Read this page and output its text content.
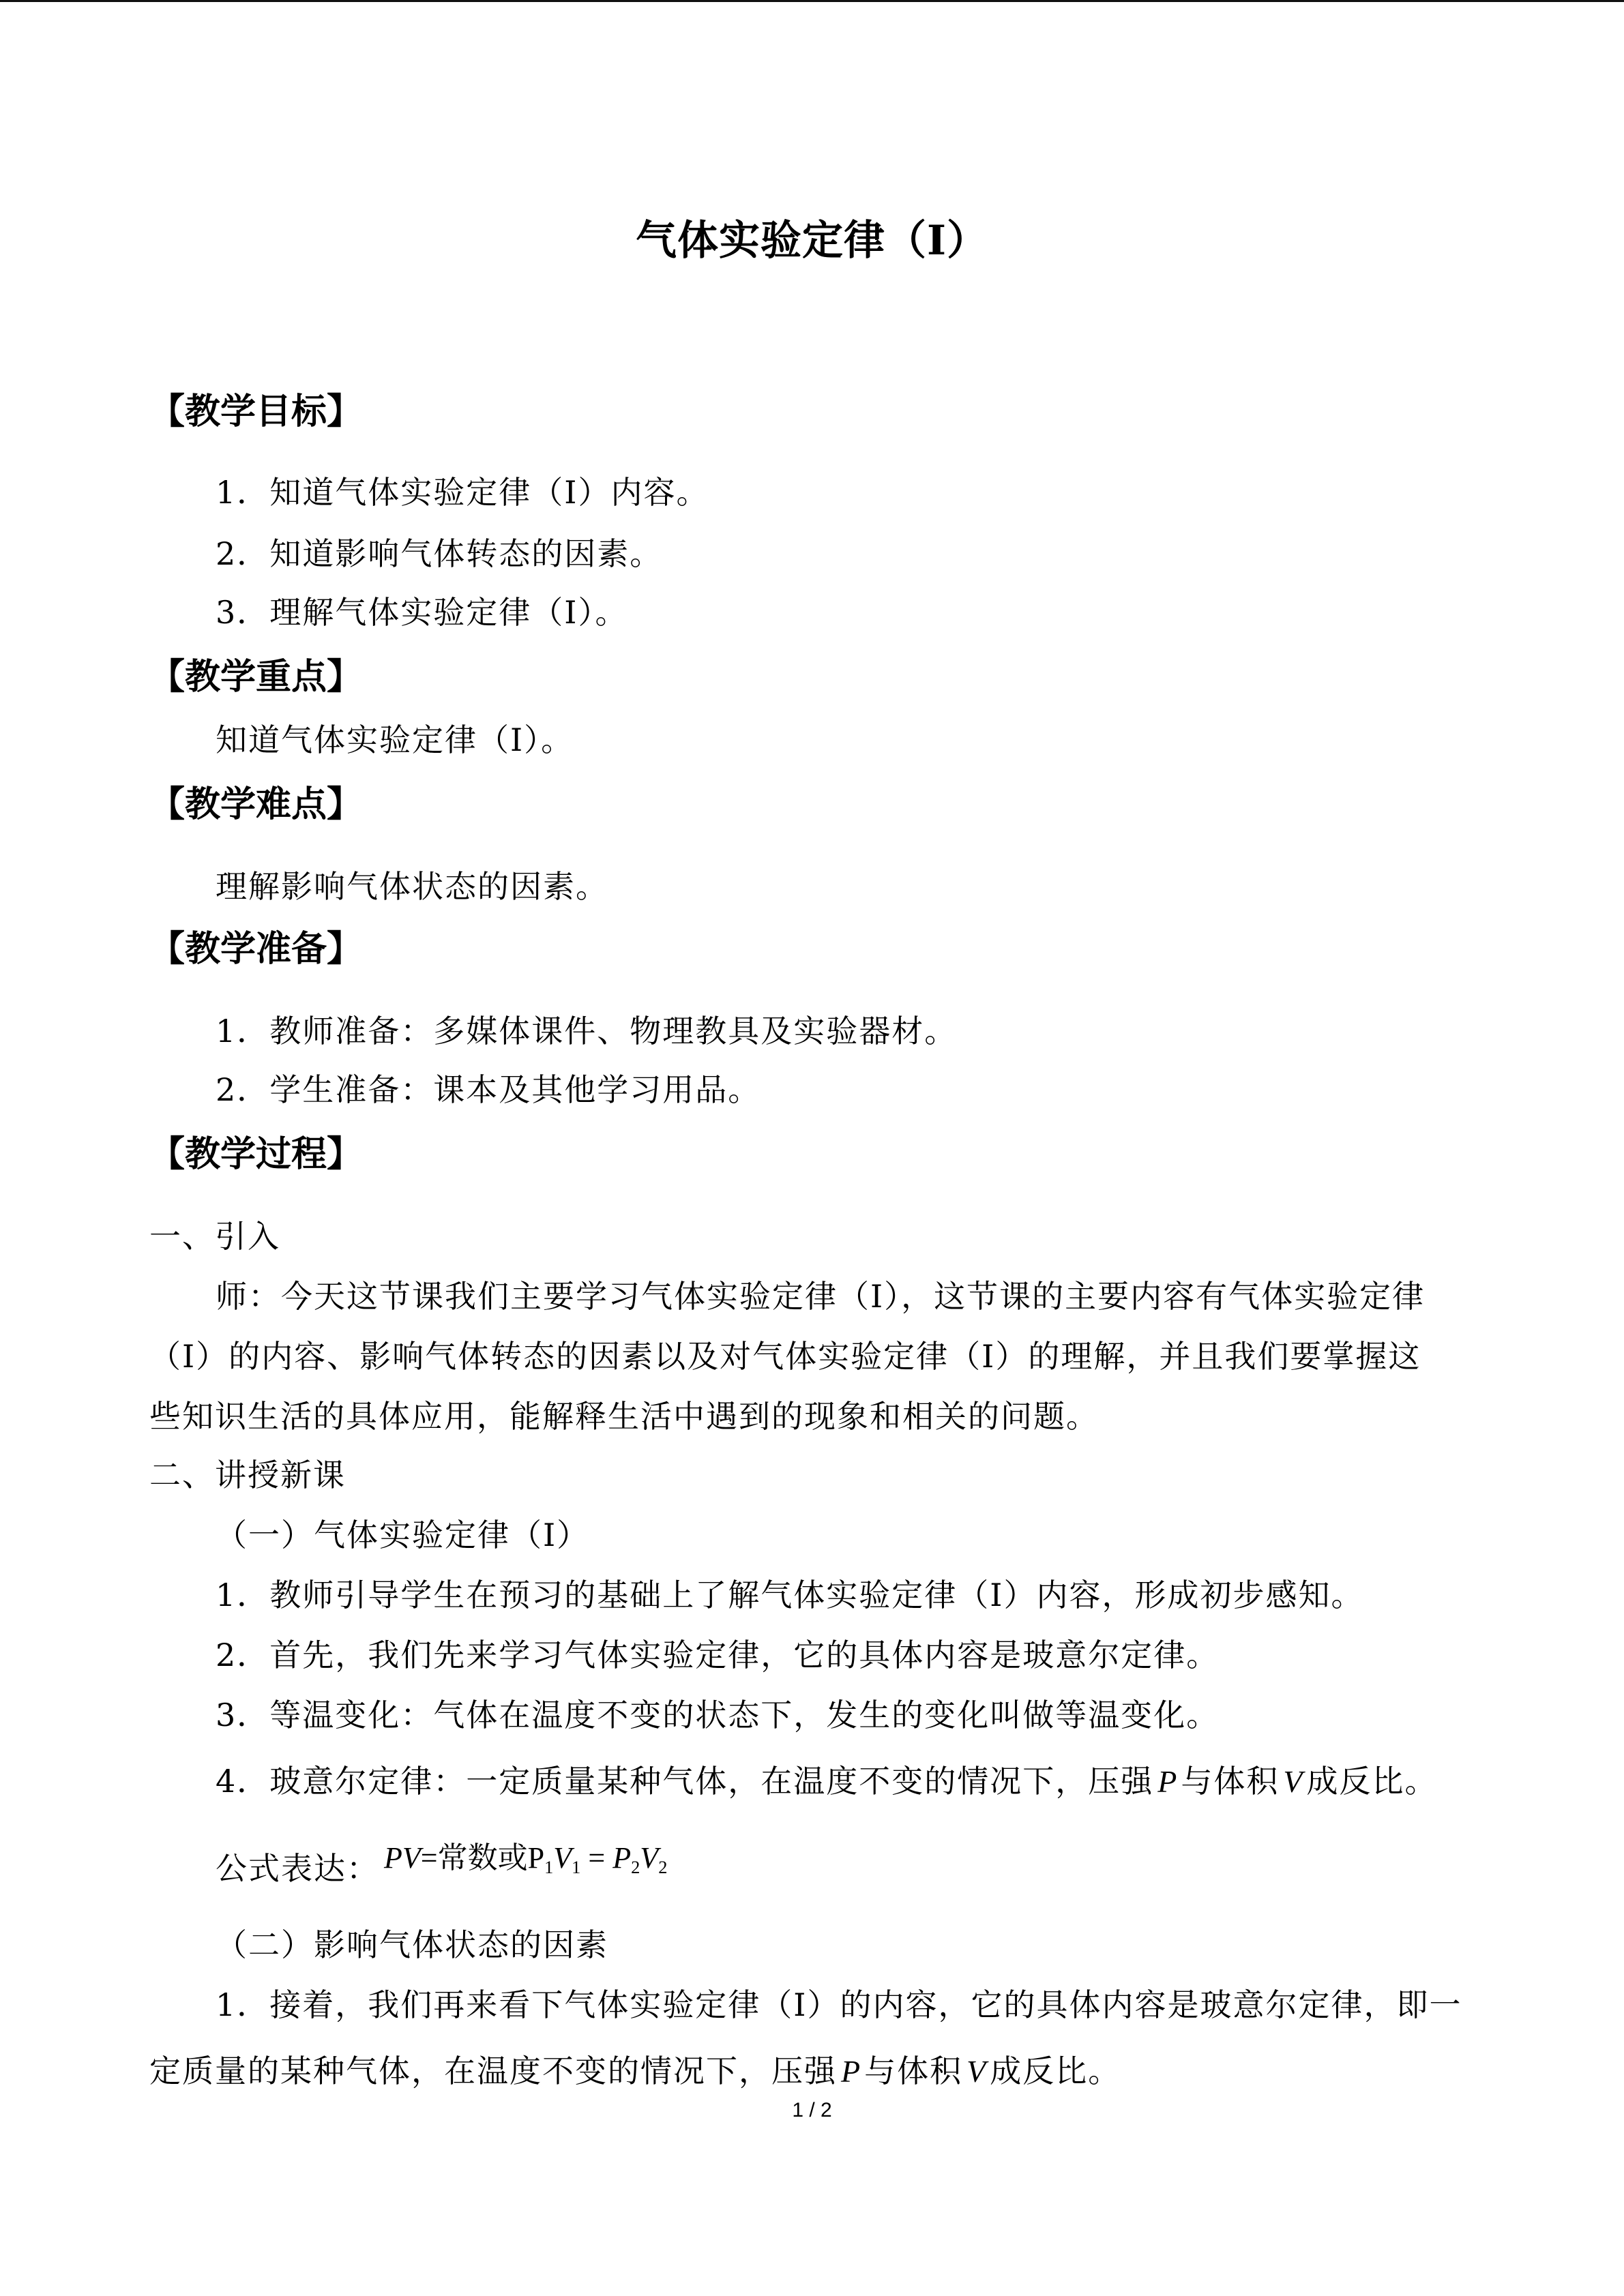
气体实验定律（Ⅰ）
【教学目标】
1．知道气体实验定律（Ⅰ）内容。
2．知道影响气体转态的因素。
3．理解气体实验定律（Ⅰ）。
【教学重点】
知道气体实验定律（Ⅰ）。
【教学难点】
理解影响气体状态的因素。
【教学准备】
1．教师准备：多媒体课件、物理教具及实验器材。
2．学生准备：课本及其他学习用品。
【教学过程】
一、引入
师：今天这节课我们主要学习气体实验定律（Ⅰ），这节课的主要内容有气体实验定律
（Ⅰ）的内容、影响气体转态的因素以及对气体实验定律（Ⅰ）的理解，并且我们要掌握这
些知识生活的具体应用，能解释生活中遇到的现象和相关的问题。
二、讲授新课
（一）气体实验定律（Ⅰ）
1．教师引导学生在预习的基础上了解气体实验定律（Ⅰ）内容，形成初步感知。
2．首先，我们先来学习气体实验定律，它的具体内容是玻意尔定律。
3．等温变化：气体在温度不变的状态下，发生的变化叫做等温变化。
4．玻意尔定律：一定质量某种气体，在温度不变的情况下，压强 P 与体积 V 成反比。
公式表达： PV=常数或$P_1V_1 = P_2V_2$
（二）影响气体状态的因素
1．接着，我们再来看下气体实验定律（Ⅰ）的内容，它的具体内容是玻意尔定律，即一
定质量的某种气体，在温度不变的情况下，压强 P 与体积 V 成反比。
1 / 2
